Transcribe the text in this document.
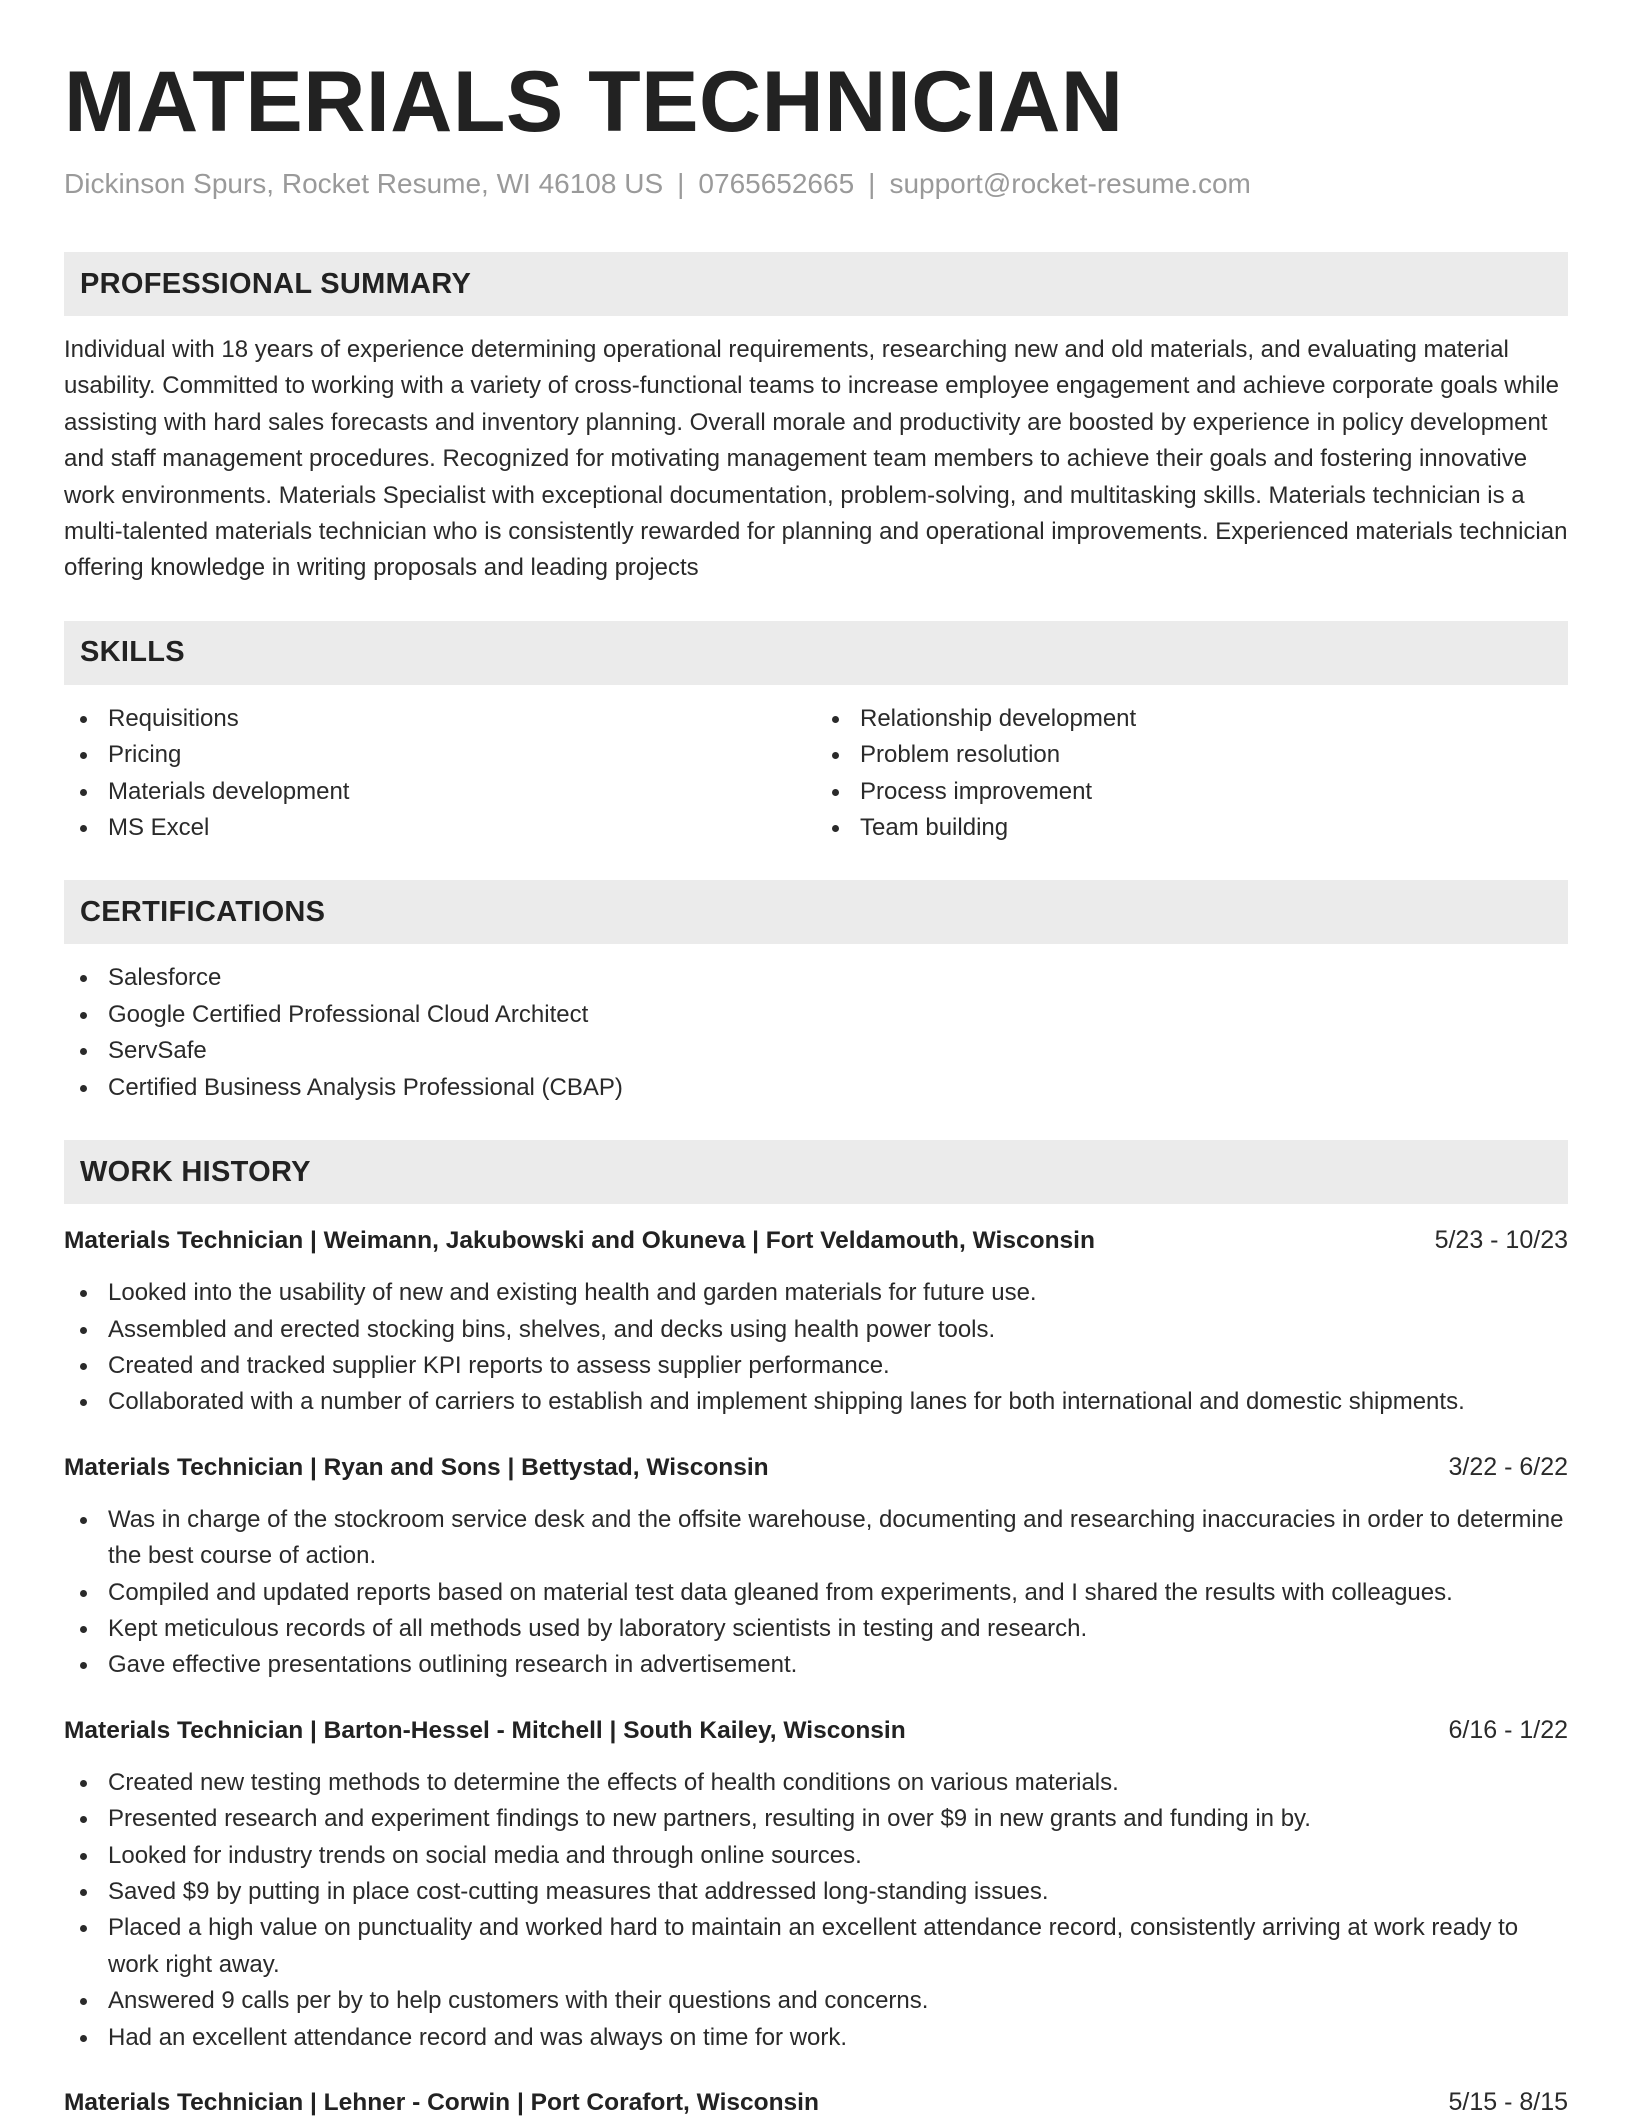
MATERIALS TECHNICIAN
Dickinson Spurs, Rocket Resume, WI 46108 US | 0765652665 | support@rocket-resume.com
PROFESSIONAL SUMMARY

Individual with 18 years of experience determining operational requirements, researching new and old materials, and evaluating material usability. Committed to working with a variety of cross-functional teams to increase employee engagement and achieve corporate goals while assisting with hard sales forecasts and inventory planning. Overall morale and productivity are boosted by experience in policy development and staff management procedures. Recognized for motivating management team members to achieve their goals and fostering innovative work environments. Materials Specialist with exceptional documentation, problem-solving, and multitasking skills. Materials technician is a multi-talented materials technician who is consistently rewarded for planning and operational improvements. Experienced materials technician offering knowledge in writing proposals and leading projects

SKILLS
Requisitions
Pricing
Materials development
MS Excel
Relationship development
Problem resolution
Process improvement
Team building
CERTIFICATIONS
Salesforce
Google Certified Professional Cloud Architect
ServSafe
Certified Business Analysis Professional (CBAP)
WORK HISTORY
Materials Technician | Weimann, Jakubowski and Okuneva | Fort Veldamouth, Wisconsin	5/23 - 10/23
Looked into the usability of new and existing health and garden materials for future use.
Assembled and erected stocking bins, shelves, and decks using health power tools.
Created and tracked supplier KPI reports to assess supplier performance.
Collaborated with a number of carriers to establish and implement shipping lanes for both international and domestic shipments.
Materials Technician | Ryan and Sons | Bettystad, Wisconsin	3/22 - 6/22
Was in charge of the stockroom service desk and the offsite warehouse, documenting and researching inaccuracies in order to determine the best course of action.
Compiled and updated reports based on material test data gleaned from experiments, and I shared the results with colleagues.
Kept meticulous records of all methods used by laboratory scientists in testing and research.
Gave effective presentations outlining research in advertisement.
Materials Technician | Barton-Hessel - Mitchell | South Kailey, Wisconsin	6/16 - 1/22
Created new testing methods to determine the effects of health conditions on various materials.
Presented research and experiment findings to new partners, resulting in over $9 in new grants and funding in by.
Looked for industry trends on social media and through online sources.
Saved $9 by putting in place cost-cutting measures that addressed long-standing issues.
Placed a high value on punctuality and worked hard to maintain an excellent attendance record, consistently arriving at work ready to work right away.
Answered 9 calls per by to help customers with their questions and concerns.
Had an excellent attendance record and was always on time for work.
Materials Technician | Lehner - Corwin | Port Corafort, Wisconsin	5/15 - 8/15
